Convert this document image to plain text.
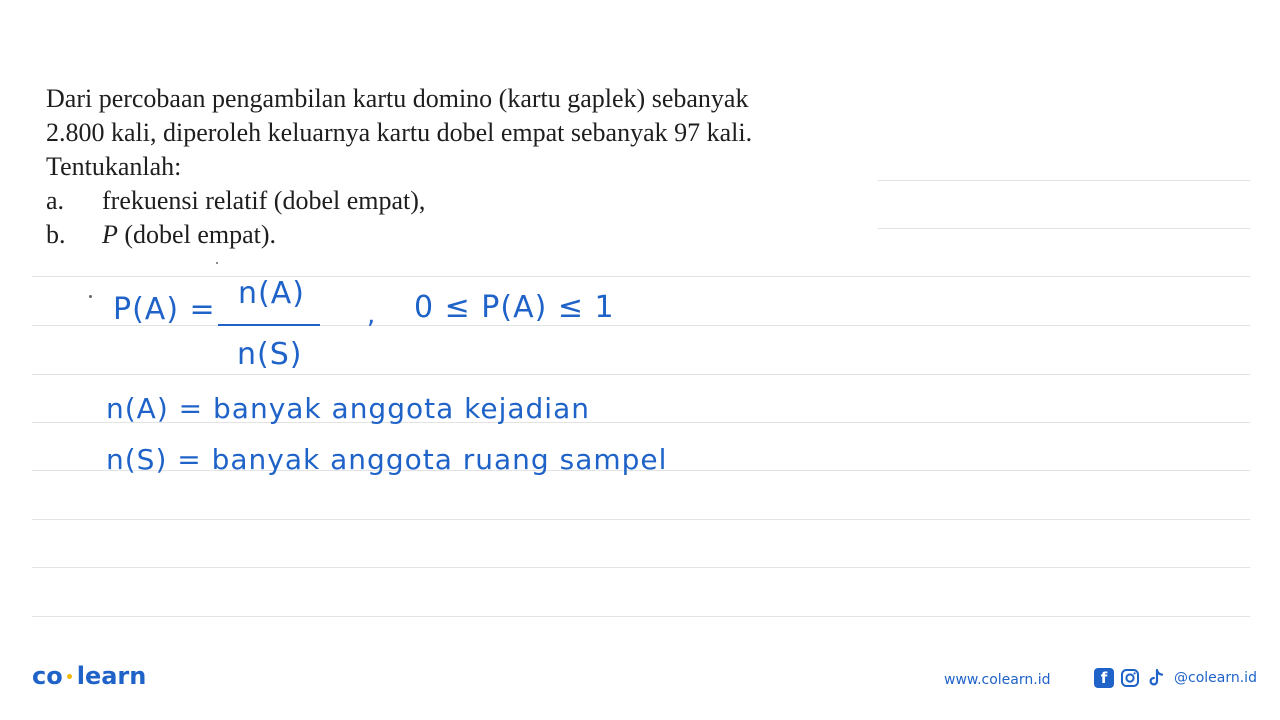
Dari percobaan pengambilan kartu domino (kartu gaplek) sebanyak
2.800 kali, diperoleh keluarnya kartu dobel empat sebanyak 97 kali.
Tentukanlah:
a.	frekuensi relatif (dobel empat),
b.	P (dobel empat).
P(A) = n(A)
n(S)
, 0 ≤ P(A) ≤ 1
n(A) = banyak anggota kejadian
n(S) = banyak anggota ruang sampel
co learn	www.colearn.id	f	@colearn.id
